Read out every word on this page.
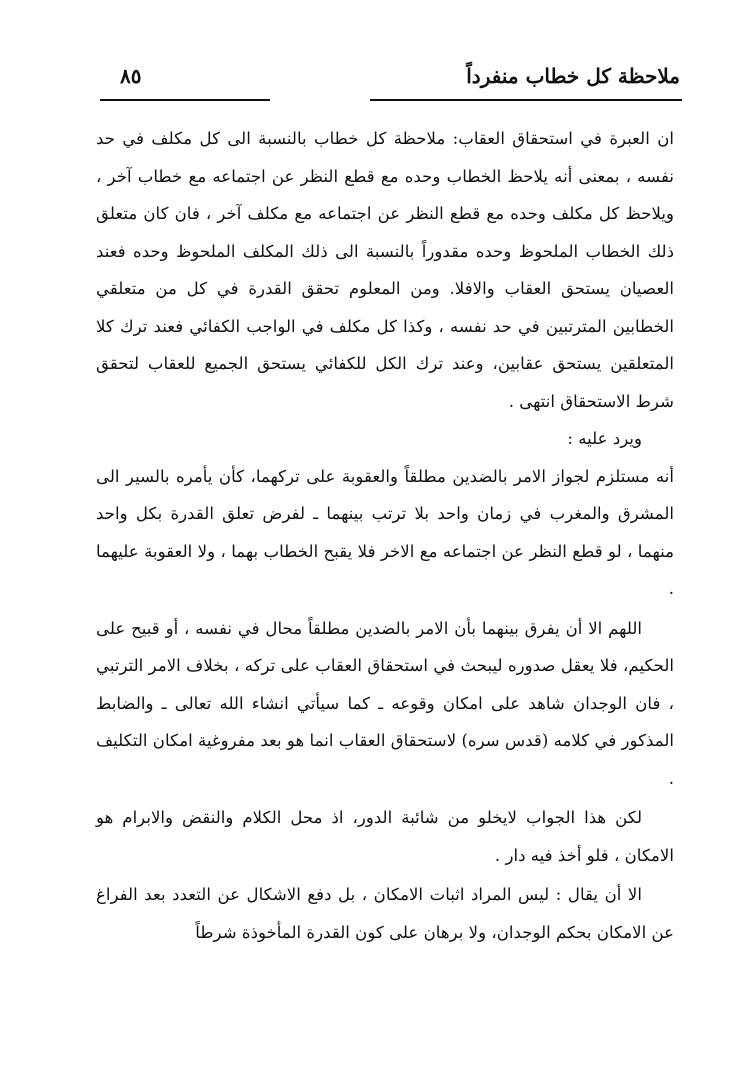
ملاحظة كل خطاب منفرداً
٨٥

ان العبرة في استحقاق العقاب: ملاحظة كل خطاب بالنسبة الى كل مكلف في حد نفسه ، بمعنى أنه يلاحظ الخطاب وحده مع قطع النظر عن اجتماعه مع خطاب آخر ، ويلاحظ كل مكلف وحده مع قطع النظر عن اجتماعه مع مكلف آخر ، فان كان متعلق ذلك الخطاب الملحوظ وحده مقدوراً بالنسبة الى ذلك المكلف الملحوظ وحده فعند العصيان يستحق العقاب والافلا. ومن المعلوم تحقق القدرة في كل من متعلقي الخطابين المترتبين في حد نفسه ، وكذا كل مكلف في الواجب الكفائي فعند ترك كلا المتعلقين يستحق عقابين، وعند ترك الكل للكفائي يستحق الجميع للعقاب لتحقق شرط الاستحقاق انتهى .

ويرد عليه :

أنه مستلزم لجواز الامر بالضدين مطلقاً والعقوبة على تركهما، كأن يأمره بالسير الى المشرق والمغرب في زمان واحد بلا ترتب بينهما ـ لفرض تعلق القدرة بكل واحد منهما ، لو قطع النظر عن اجتماعه مع الاخر فلا يقبح الخطاب بهما ، ولا العقوبة عليهما .

اللهم الا أن يفرق بينهما بأن الامر بالضدين مطلقاً محال في نفسه ، أو قبيح على الحكيم، فلا يعقل صدوره ليبحث في استحقاق العقاب على تركه ، بخلاف الامر الترتبي ، فان الوجدان شاهد على امكان وقوعه ـ كما سيأتي انشاء الله تعالى ـ والضابط المذكور في كلامه (قدس سره) لاستحقاق العقاب انما هو بعد مفروغية امكان التكليف .

لكن هذا الجواب لايخلو من شائبة الدور، اذ محل الكلام والنقض والابرام هو الامكان ، فلو أخذ فيه دار .

الا أن يقال : ليس المراد اثبات الامكان ، بل دفع الاشكال عن التعدد بعد الفراغ عن الامكان بحكم الوجدان، ولا برهان على كون القدرة المأخوذة شرطاً
